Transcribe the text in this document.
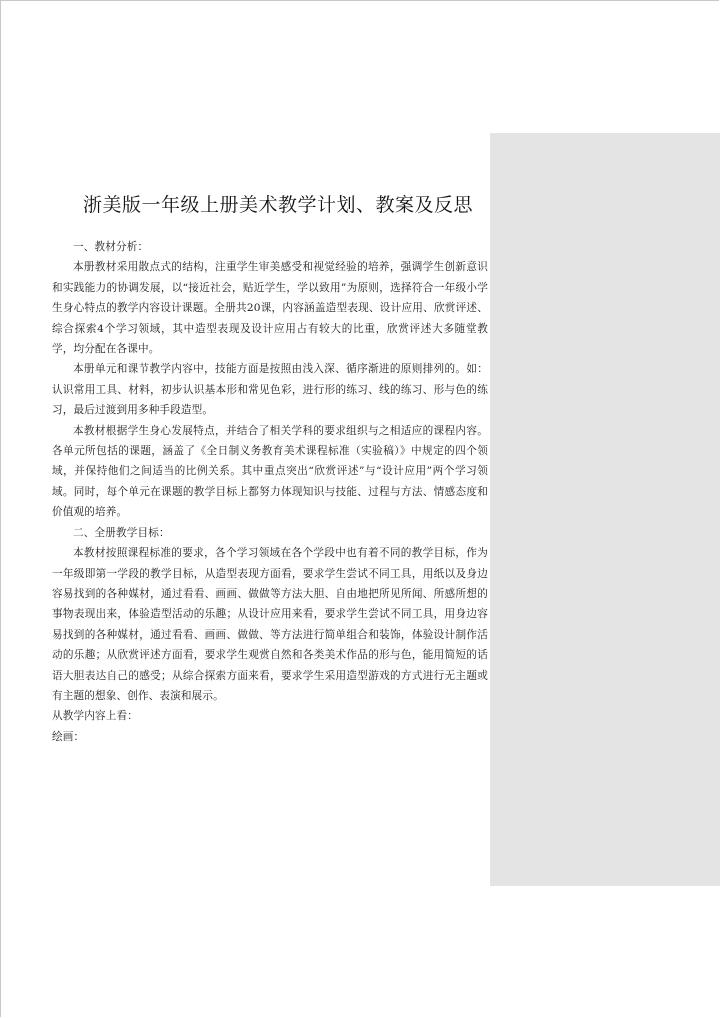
浙美版一年级上册美术教学计划、教案及反思

一、教材分析：

本册教材采用散点式的结构，注重学生审美感受和视觉经验的培养，强调学生创新意识和实践能力的协调发展，以“接近社会，贴近学生，学以致用”为原则，选择符合一年级小学生身心特点的教学内容设计课题。全册共20课，内容涵盖造型表现、设计应用、欣赏评述、综合探索4个学习领域，其中造型表现及设计应用占有较大的比重，欣赏评述大多随堂教学，均分配在各课中。

本册单元和课节教学内容中，技能方面是按照由浅入深、循序渐进的原则排列的。如：认识常用工具、材料，初步认识基本形和常见色彩，进行形的练习、线的练习、形与色的练习，最后过渡到用多种手段造型。

本教材根据学生身心发展特点，并结合了相关学科的要求组织与之相适应的课程内容。各单元所包括的课题，涵盖了《全日制义务教育美术课程标准（实验稿）》中规定的四个领域，并保持他们之间适当的比例关系。其中重点突出“欣赏评述”与“设计应用”两个学习领域。同时，每个单元在课题的教学目标上都努力体现知识与技能、过程与方法、情感态度和价值观的培养。

二、全册教学目标：

本教材按照课程标准的要求，各个学习领域在各个学段中也有着不同的教学目标，作为一年级即第一学段的教学目标，从造型表现方面看，要求学生尝试不同工具，用纸以及身边容易找到的各种媒材，通过看看、画画、做做等方法大胆、自由地把所见所闻、所感所想的事物表现出来，体验造型活动的乐趣；从设计应用来看，要求学生尝试不同工具，用身边容易找到的各种媒材，通过看看、画画、做做、等方法进行简单组合和装饰，体验设计制作活动的乐趣；从欣赏评述方面看，要求学生观赏自然和各类美术作品的形与色，能用简短的话语大胆表达自己的感受；从综合探索方面来看，要求学生采用造型游戏的方式进行无主题或有主题的想象、创作、表演和展示。

从教学内容上看：

绘画：
